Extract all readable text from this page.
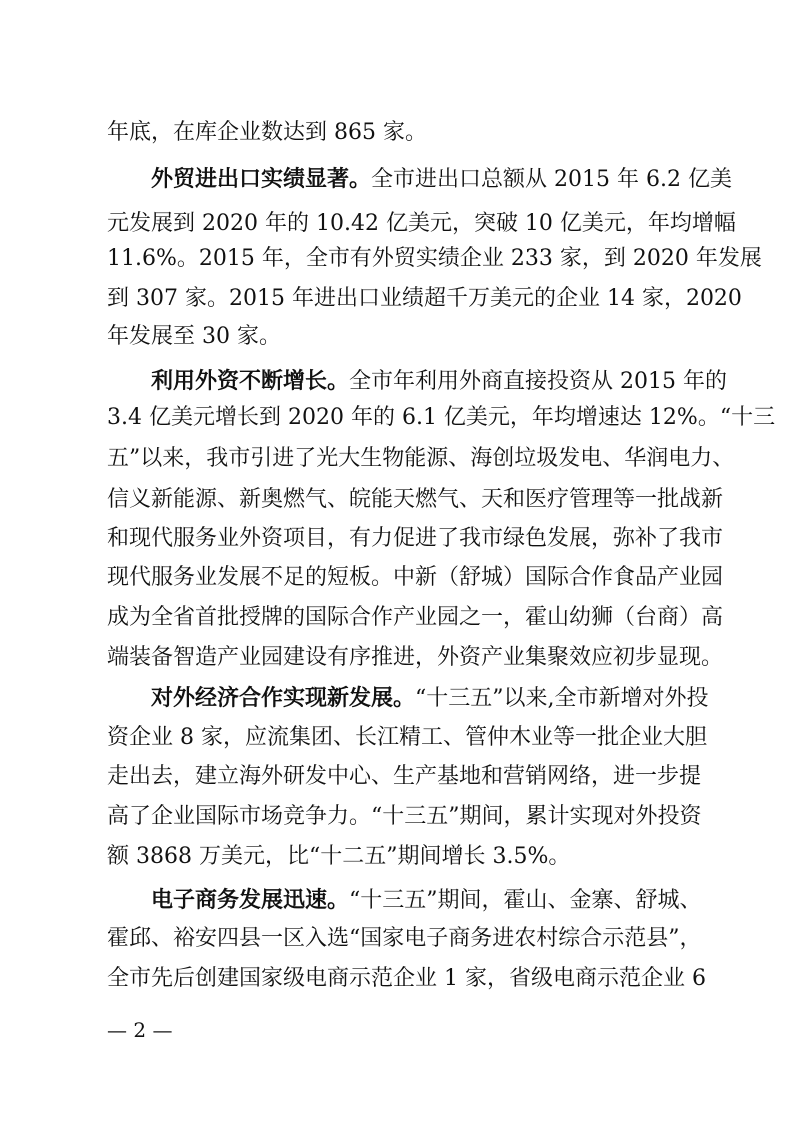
年底，在库企业数达到 865 家。
外贸进出口实绩显著。全市进出口总额从 2015 年 6.2 亿美
元发展到 2020 年的 10.42 亿美元，突破 10 亿美元，年均增幅
11.6%。2015 年，全市有外贸实绩企业 233 家，到 2020 年发展
到 307 家。2015 年进出口业绩超千万美元的企业 14 家，2020
年发展至 30 家。
利用外资不断增长。全市年利用外商直接投资从 2015 年的
3.4 亿美元增长到 2020 年的 6.1 亿美元，年均增速达 12%。“十三
五”以来，我市引进了光大生物能源、海创垃圾发电、华润电力、
信义新能源、新奥燃气、皖能天燃气、天和医疗管理等一批战新
和现代服务业外资项目，有力促进了我市绿色发展，弥补了我市
现代服务业发展不足的短板。中新（舒城）国际合作食品产业园
成为全省首批授牌的国际合作产业园之一，霍山幼狮（台商）高
端装备智造产业园建设有序推进，外资产业集聚效应初步显现。
对外经济合作实现新发展。“十三五”以来,全市新增对外投
资企业 8 家，应流集团、长江精工、管仲木业等一批企业大胆
走出去，建立海外研发中心、生产基地和营销网络，进一步提
高了企业国际市场竞争力。“十三五”期间，累计实现对外投资
额 3868 万美元，比“十二五”期间增长 3.5%。
电子商务发展迅速。“十三五”期间，霍山、金寨、舒城、
霍邱、裕安四县一区入选“国家电子商务进农村综合示范县”，
全市先后创建国家级电商示范企业 1 家，省级电商示范企业 6
— 2 —
